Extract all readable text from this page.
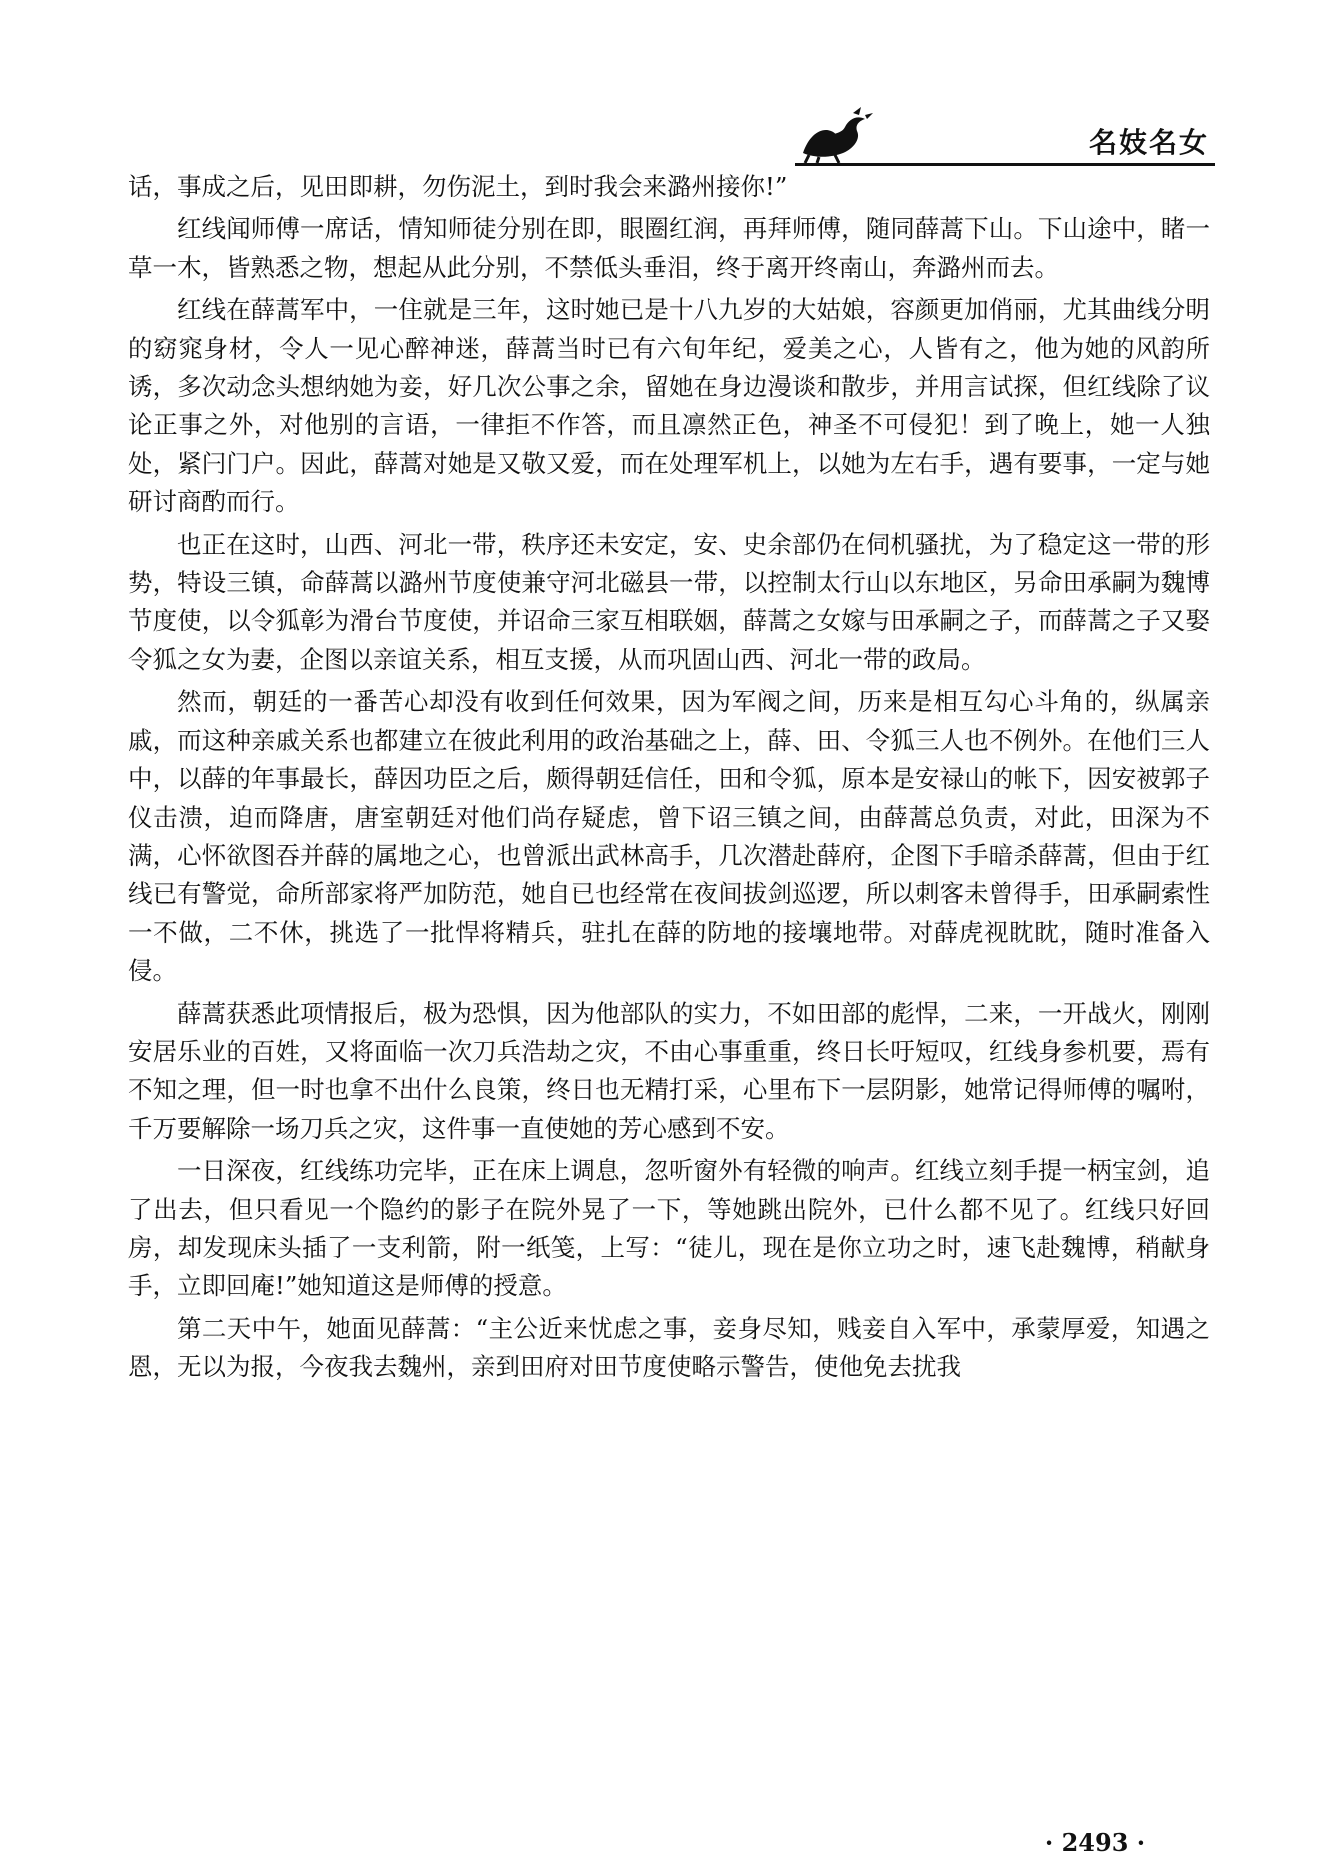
名妓名女

话，事成之后，见田即耕，勿伤泥土，到时我会来潞州接你!”

红线闻师傅一席话，情知师徒分别在即，眼圈红润，再拜师傅，随同薛蒿下山。下山途中，睹一草一木，皆熟悉之物，想起从此分别，不禁低头垂泪，终于离开终南山，奔潞州而去。

红线在薛蒿军中，一住就是三年，这时她已是十八九岁的大姑娘，容颜更加俏丽，尤其曲线分明的窈窕身材，令人一见心醉神迷，薛蒿当时已有六旬年纪，爱美之心，人皆有之，他为她的风韵所诱，多次动念头想纳她为妾，好几次公事之余，留她在身边漫谈和散步，并用言试探，但红线除了议论正事之外，对他别的言语，一律拒不作答，而且凛然正色，神圣不可侵犯！到了晚上，她一人独处，紧闩门户。因此，薛蒿对她是又敬又爱，而在处理军机上，以她为左右手，遇有要事，一定与她研讨商酌而行。

也正在这时，山西、河北一带，秩序还未安定，安、史余部仍在伺机骚扰，为了稳定这一带的形势，特设三镇，命薛蒿以潞州节度使兼守河北磁县一带，以控制太行山以东地区，另命田承嗣为魏博节度使，以令狐彰为滑台节度使，并诏命三家互相联姻，薛蒿之女嫁与田承嗣之子，而薛蒿之子又娶令狐之女为妻，企图以亲谊关系，相互支援，从而巩固山西、河北一带的政局。

然而，朝廷的一番苦心却没有收到任何效果，因为军阀之间，历来是相互勾心斗角的，纵属亲戚，而这种亲戚关系也都建立在彼此利用的政治基础之上，薛、田、令狐三人也不例外。在他们三人中，以薛的年事最长，薛因功臣之后，颇得朝廷信任，田和令狐，原本是安禄山的帐下，因安被郭子仪击溃，迫而降唐，唐室朝廷对他们尚存疑虑，曾下诏三镇之间，由薛蒿总负责，对此，田深为不满，心怀欲图吞并薛的属地之心，也曾派出武林高手，几次潜赴薛府，企图下手暗杀薛蒿，但由于红线已有警觉，命所部家将严加防范，她自已也经常在夜间拔剑巡逻，所以刺客未曾得手，田承嗣索性一不做，二不休，挑选了一批悍将精兵，驻扎在薛的防地的接壤地带。对薛虎视眈眈，随时准备入侵。

薛蒿获悉此项情报后，极为恐惧，因为他部队的实力，不如田部的彪悍，二来，一开战火，刚刚安居乐业的百姓，又将面临一次刀兵浩劫之灾，不由心事重重，终日长吁短叹，红线身参机要，焉有不知之理，但一时也拿不出什么良策，终日也无精打采，心里布下一层阴影，她常记得师傅的嘱咐，千万要解除一场刀兵之灾，这件事一直使她的芳心感到不安。

一日深夜，红线练功完毕，正在床上调息，忽听窗外有轻微的响声。红线立刻手提一柄宝剑，追了出去，但只看见一个隐约的影子在院外晃了一下，等她跳出院外，已什么都不见了。红线只好回房，却发现床头插了一支利箭，附一纸笺，上写：“徒儿，现在是你立功之时，速飞赴魏博，稍献身手，立即回庵!”她知道这是师傅的授意。

第二天中午，她面见薛蒿：“主公近来忧虑之事，妾身尽知，贱妾自入军中，承蒙厚爱，知遇之恩，无以为报，今夜我去魏州，亲到田府对田节度使略示警告，使他免去扰我

· 2493 ·
